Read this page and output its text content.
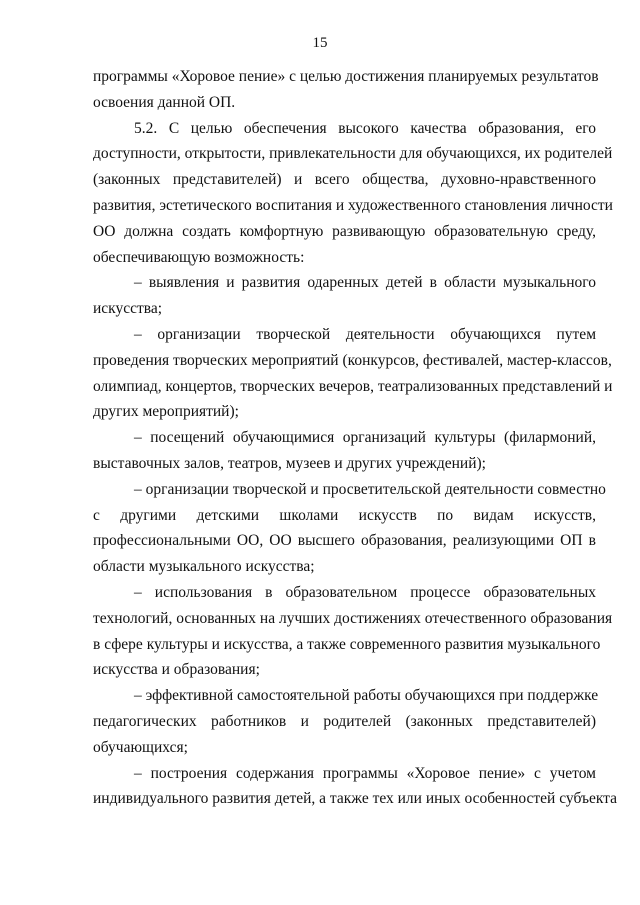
15

программы «Хоровое пение» с целью достижения планируемых результатов
освоения данной ОП.

5.2. С целью обеспечения высокого качества образования, его
доступности, открытости, привлекательности для обучающихся, их родителей
(законных представителей) и всего общества, духовно-нравственного
развития, эстетического воспитания и художественного становления личности
ОО должна создать комфортную развивающую образовательную среду,
обеспечивающую возможность:

– выявления и развития одаренных детей в области музыкального
искусства;

– организации творческой деятельности обучающихся путем
проведения творческих мероприятий (конкурсов, фестивалей, мастер-классов,
олимпиад, концертов, творческих вечеров, театрализованных представлений и
других мероприятий);

– посещений обучающимися организаций культуры (филармоний,
выставочных залов, театров, музеев и других учреждений);

– организации творческой и просветительской деятельности совместно
с другими детскими школами искусств по видам искусств,
профессиональными ОО, ОО высшего образования, реализующими ОП в
области музыкального искусства;

– использования в образовательном процессе образовательных
технологий, основанных на лучших достижениях отечественного образования
в сфере культуры и искусства, а также современного развития музыкального
искусства и образования;

– эффективной самостоятельной работы обучающихся при поддержке
педагогических работников и родителей (законных представителей)
обучающихся;

– построения содержания программы «Хоровое пение» с учетом
индивидуального развития детей, а также тех или иных особенностей субъекта
